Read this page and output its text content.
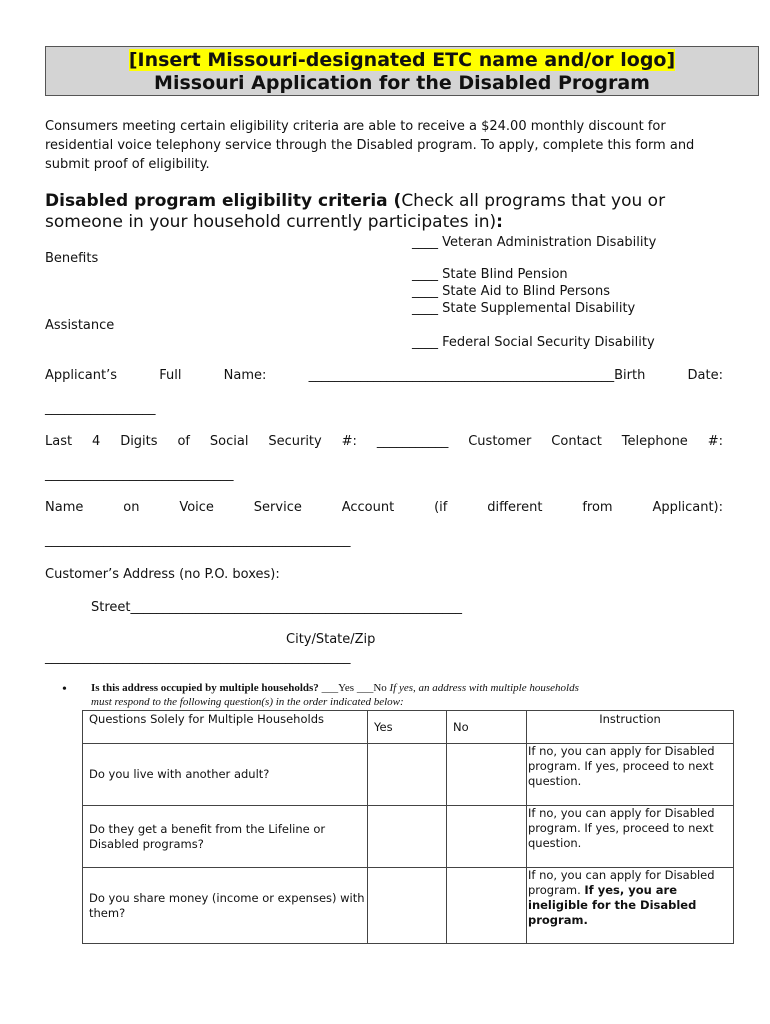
[Insert Missouri-designated ETC name and/or logo]
Missouri Application for the Disabled Program
Consumers meeting certain eligibility criteria are able to receive a $24.00 monthly discount for residential voice telephony service through the Disabled program. To apply, complete this form and submit proof of eligibility.
Disabled program eligibility criteria (Check all programs that you or someone in your household currently participates in):
____ Veteran Administration Disability
Benefits
____ State Blind Pension
____ State Aid to Blind Persons
____ State Supplemental Disability
Assistance
____ Federal Social Security Disability
Applicant’s	Full	Name:	_______________________________________________Birth	Date:
_________________
Last 4 Digits of Social Security #: ___________ Customer Contact Telephone #:
_____________________________
Name	on	Voice	Service	Account	(if	different	from	Applicant):
_______________________________________________
Customer’s Address (no P.O. boxes):
Street___________________________________________________
City/State/Zip
_______________________________________________
• Is this address occupied by multiple households? ___Yes ___No If yes, an address with multiple households
must respond to the following question(s) in the order indicated below:
Questions Solely for Multiple Households	Yes	No	Instruction
Do you live with another adult?			If no, you can apply for Disabled program. If yes, proceed to next question.
Do they get a benefit from the Lifeline or Disabled programs?			If no, you can apply for Disabled program. If yes, proceed to next question.
Do you share money (income or expenses) with them?			If no, you can apply for Disabled program. If yes, you are ineligible for the Disabled program.
